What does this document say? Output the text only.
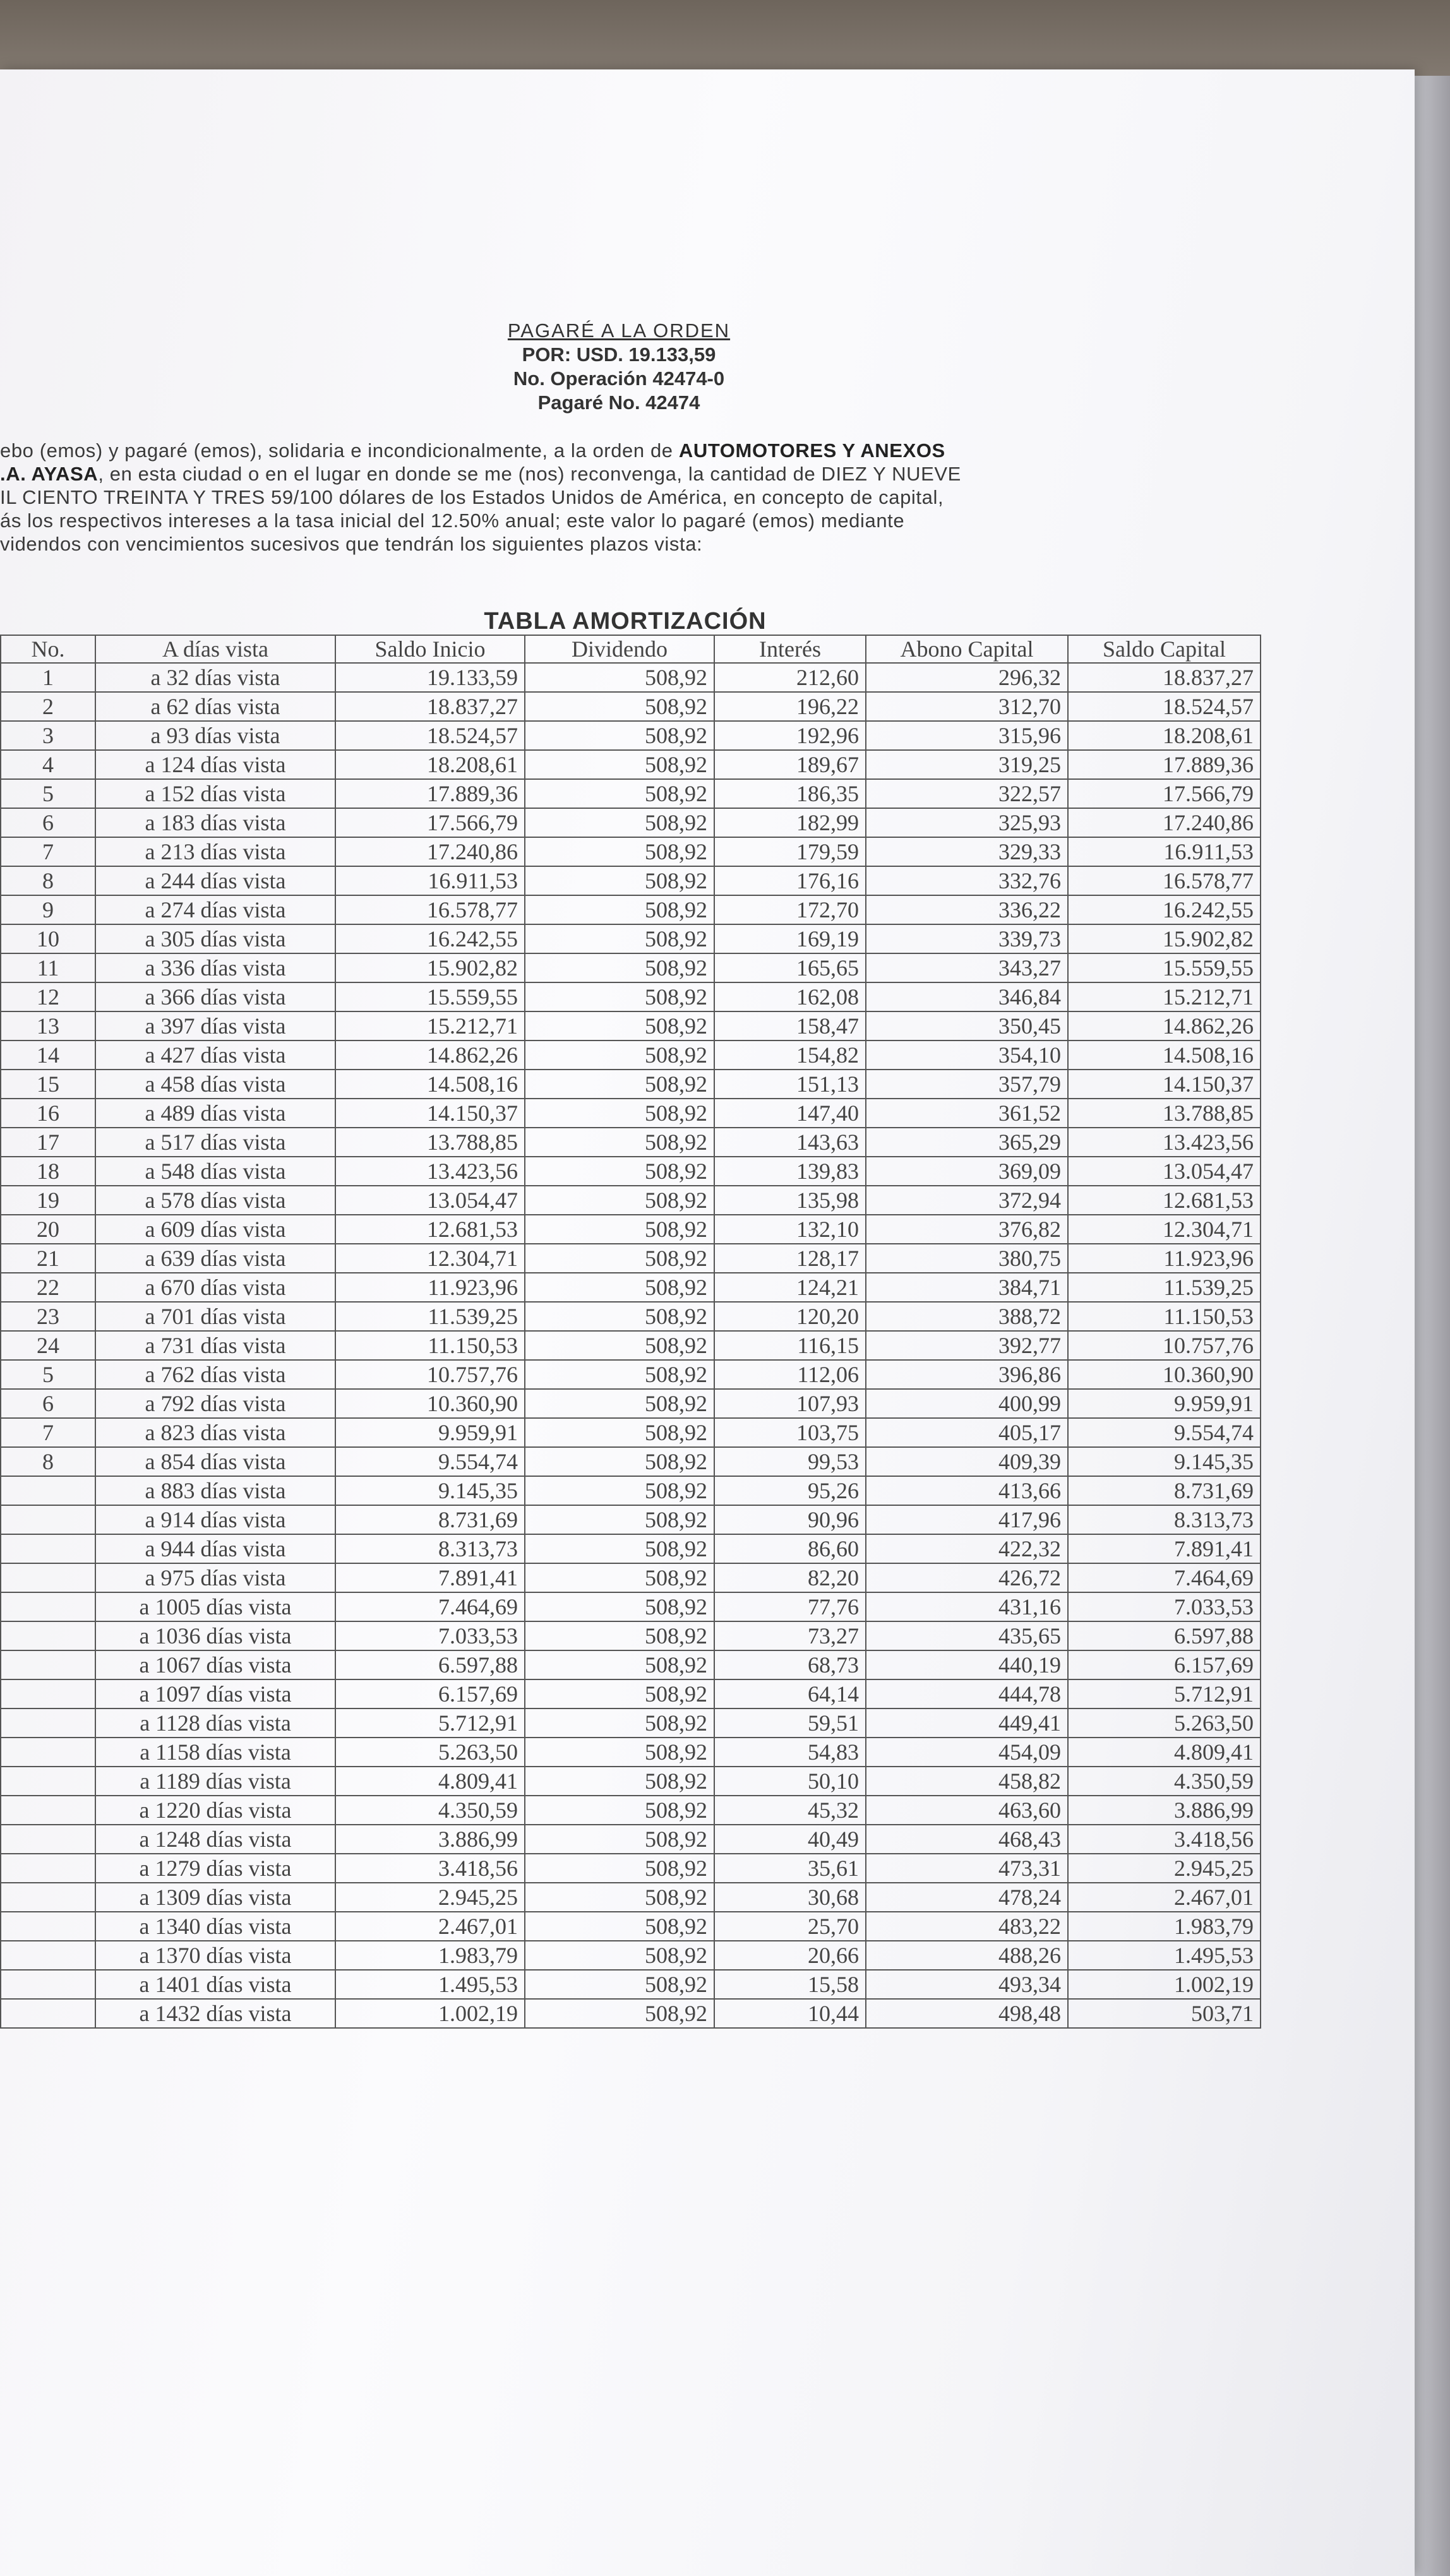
PAGARÉ A LA ORDEN
POR: USD. 19.133,59
No. Operación 42474-0
Pagaré No. 42474
ebo (emos) y pagaré (emos), solidaria e incondicionalmente, a la orden de AUTOMOTORES Y ANEXOS
.A. AYASA, en esta ciudad o en el lugar en donde se me (nos) reconvenga, la cantidad de DIEZ Y NUEVE
IL CIENTO TREINTA Y TRES 59/100 dólares de los Estados Unidos de América, en concepto de capital,
ás los respectivos intereses a la tasa inicial del 12.50% anual; este valor lo pagaré (emos) mediante
videndos con vencimientos sucesivos que tendrán los siguientes plazos vista:
TABLA AMORTIZACIÓN
No.	A días vista	Saldo Inicio	Dividendo	Interés	Abono Capital	Saldo Capital
1	a 32 días vista	19.133,59	508,92	212,60	296,32	18.837,27
2	a 62 días vista	18.837,27	508,92	196,22	312,70	18.524,57
3	a 93 días vista	18.524,57	508,92	192,96	315,96	18.208,61
4	a 124 días vista	18.208,61	508,92	189,67	319,25	17.889,36
5	a 152 días vista	17.889,36	508,92	186,35	322,57	17.566,79
6	a 183 días vista	17.566,79	508,92	182,99	325,93	17.240,86
7	a 213 días vista	17.240,86	508,92	179,59	329,33	16.911,53
8	a 244 días vista	16.911,53	508,92	176,16	332,76	16.578,77
9	a 274 días vista	16.578,77	508,92	172,70	336,22	16.242,55
10	a 305 días vista	16.242,55	508,92	169,19	339,73	15.902,82
11	a 336 días vista	15.902,82	508,92	165,65	343,27	15.559,55
12	a 366 días vista	15.559,55	508,92	162,08	346,84	15.212,71
13	a 397 días vista	15.212,71	508,92	158,47	350,45	14.862,26
14	a 427 días vista	14.862,26	508,92	154,82	354,10	14.508,16
15	a 458 días vista	14.508,16	508,92	151,13	357,79	14.150,37
16	a 489 días vista	14.150,37	508,92	147,40	361,52	13.788,85
17	a 517 días vista	13.788,85	508,92	143,63	365,29	13.423,56
18	a 548 días vista	13.423,56	508,92	139,83	369,09	13.054,47
19	a 578 días vista	13.054,47	508,92	135,98	372,94	12.681,53
20	a 609 días vista	12.681,53	508,92	132,10	376,82	12.304,71
21	a 639 días vista	12.304,71	508,92	128,17	380,75	11.923,96
22	a 670 días vista	11.923,96	508,92	124,21	384,71	11.539,25
23	a 701 días vista	11.539,25	508,92	120,20	388,72	11.150,53
24	a 731 días vista	11.150,53	508,92	116,15	392,77	10.757,76
5	a 762 días vista	10.757,76	508,92	112,06	396,86	10.360,90
6	a 792 días vista	10.360,90	508,92	107,93	400,99	9.959,91
7	a 823 días vista	9.959,91	508,92	103,75	405,17	9.554,74
8	a 854 días vista	9.554,74	508,92	99,53	409,39	9.145,35
	a 883 días vista	9.145,35	508,92	95,26	413,66	8.731,69
	a 914 días vista	8.731,69	508,92	90,96	417,96	8.313,73
	a 944 días vista	8.313,73	508,92	86,60	422,32	7.891,41
	a 975 días vista	7.891,41	508,92	82,20	426,72	7.464,69
	a 1005 días vista	7.464,69	508,92	77,76	431,16	7.033,53
	a 1036 días vista	7.033,53	508,92	73,27	435,65	6.597,88
	a 1067 días vista	6.597,88	508,92	68,73	440,19	6.157,69
	a 1097 días vista	6.157,69	508,92	64,14	444,78	5.712,91
	a 1128 días vista	5.712,91	508,92	59,51	449,41	5.263,50
	a 1158 días vista	5.263,50	508,92	54,83	454,09	4.809,41
	a 1189 días vista	4.809,41	508,92	50,10	458,82	4.350,59
	a 1220 días vista	4.350,59	508,92	45,32	463,60	3.886,99
	a 1248 días vista	3.886,99	508,92	40,49	468,43	3.418,56
	a 1279 días vista	3.418,56	508,92	35,61	473,31	2.945,25
	a 1309 días vista	2.945,25	508,92	30,68	478,24	2.467,01
	a 1340 días vista	2.467,01	508,92	25,70	483,22	1.983,79
	a 1370 días vista	1.983,79	508,92	20,66	488,26	1.495,53
	a 1401 días vista	1.495,53	508,92	15,58	493,34	1.002,19
	a 1432 días vista	1.002,19	508,92	10,44	498,48	503,71
